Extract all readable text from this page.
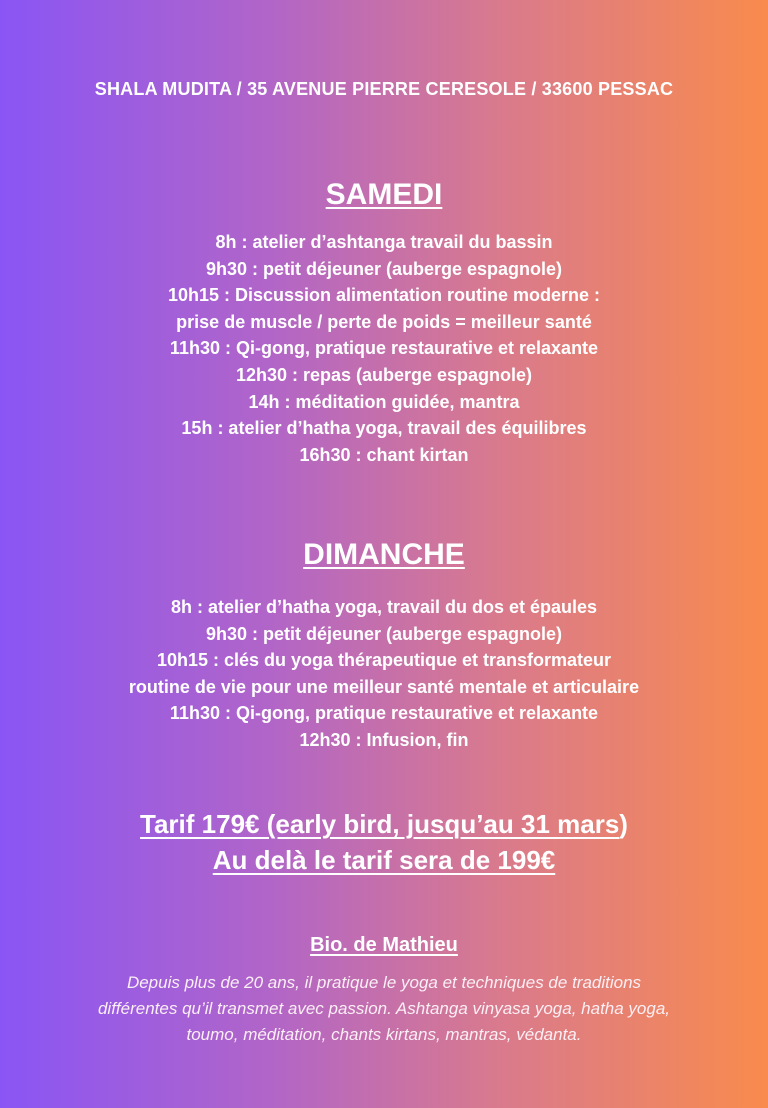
SHALA MUDITA / 35 AVENUE PIERRE CERESOLE / 33600 PESSAC
SAMEDI
8h : atelier d’ashtanga travail du bassin
9h30 : petit déjeuner (auberge espagnole)
10h15 : Discussion alimentation routine moderne :
prise de muscle / perte de poids = meilleur santé
11h30 : Qi-gong, pratique restaurative et relaxante
12h30 : repas (auberge espagnole)
14h : méditation guidée, mantra
15h : atelier d’hatha yoga, travail des équilibres
16h30 : chant kirtan
DIMANCHE
8h : atelier d’hatha yoga, travail du dos et épaules
9h30 : petit déjeuner (auberge espagnole)
10h15 : clés du yoga thérapeutique et transformateur
routine de vie pour une meilleur santé mentale et articulaire
11h30 : Qi-gong, pratique restaurative et relaxante
12h30 : Infusion, fin
Tarif 179€ (early bird, jusqu’au 31 mars)
Au delà le tarif sera de 199€
Bio. de Mathieu
Depuis plus de 20 ans, il pratique le yoga et techniques de traditions
différentes qu’il transmet avec passion. Ashtanga vinyasa yoga, hatha yoga,
toumo, méditation, chants kirtans, mantras, védanta.
